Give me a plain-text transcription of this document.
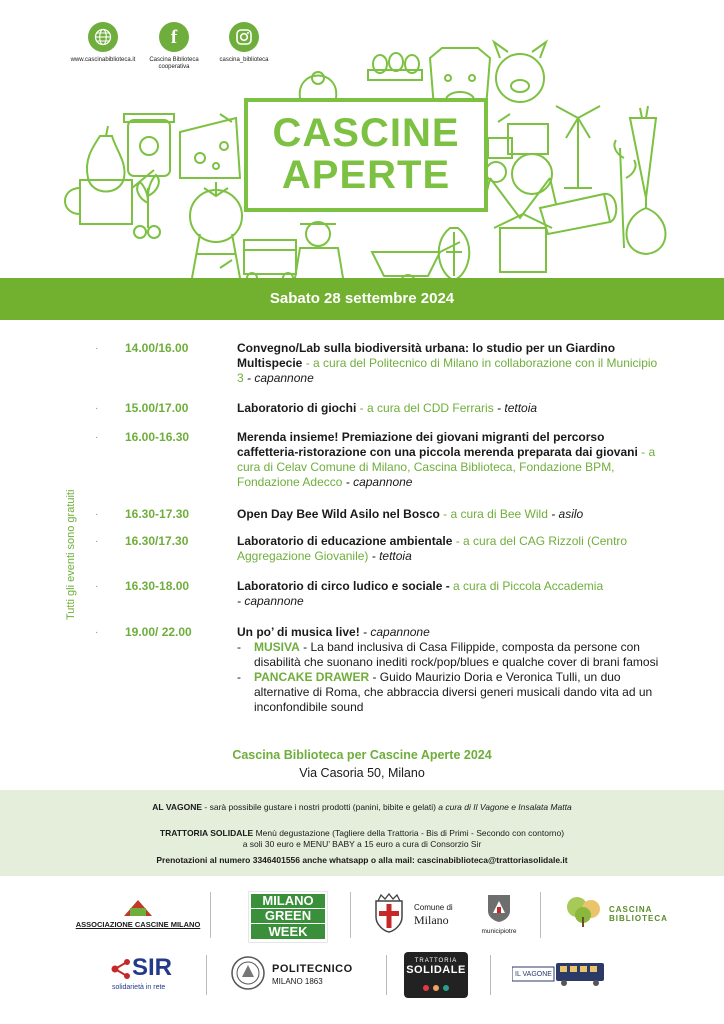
www.cascinabiblioteca.it
f
Cascina Biblioteca cooperativa
cascina_biblioteca
CASCINE
APERTE
Sabato 28 settembre 2024
Tutti gli eventi sono gratuiti
· 14.00/16.00	Convegno/Lab sulla biodiversità urbana: lo studio per un Giardino Multispecie - a cura del Politecnico di Milano in collaborazione con il Municipio 3 - capannone
· 15.00/17.00	Laboratorio di giochi - a cura del CDD Ferraris - tettoia
· 16.00-16.30	Merenda insieme! Premiazione dei giovani migranti del percorso caffetteria-ristorazione con una piccola merenda preparata dai giovani - a cura di Celav Comune di Milano, Cascina Biblioteca, Fondazione BPM, Fondazione Adecco - capannone
· 16.30-17.30	Open Day Bee Wild Asilo nel Bosco - a cura di Bee Wild - asilo
· 16.30/17.30	Laboratorio di educazione ambientale - a cura del CAG Rizzoli (Centro Aggregazione Giovanile) - tettoia
· 16.30-18.00	Laboratorio di circo ludico e sociale - a cura di Piccola Accademia
- capannone
· 19.00/ 22.00	Un po’ di musica live! - capannone
- MUSIVA - La band inclusiva di Casa Filippide, composta da persone con disabilità che suonano inediti rock/pop/blues e qualche cover di brani famosi
- PANCAKE DRAWER - Guido Maurizio Doria e Veronica Tulli, un duo alternative di Roma, che abbraccia diversi generi musicali dando vita ad un inconfondibile sound
Cascina Biblioteca per Cascine Aperte 2024
Via Casoria 50, Milano
AL VAGONE - sarà possibile gustare i nostri prodotti (panini, bibite e gelati) a cura di Il Vagone e Insalata Matta
TRATTORIA SOLIDALE Menù degustazione (Tagliere della Trattoria - Bis di Primi - Secondo con contorno)
a soli 30 euro e MENU’ BABY a 15 euro a cura di Consorzio Sir
Prenotazioni al numero 3346401556 anche whatsapp o alla mail: cascinabiblioteca@trattoriasolidale.it
ASSOCIAZIONE CASCINE MILANO
MILANO
GREEN
WEEK
Comune di
Milano
municipiotre
CASCINA
BIBLIOTECA
SIR
solidarietà in rete
POLITECNICO
MILANO 1863
TRATTORIA
SOLIDALE
	IL VAGONE
